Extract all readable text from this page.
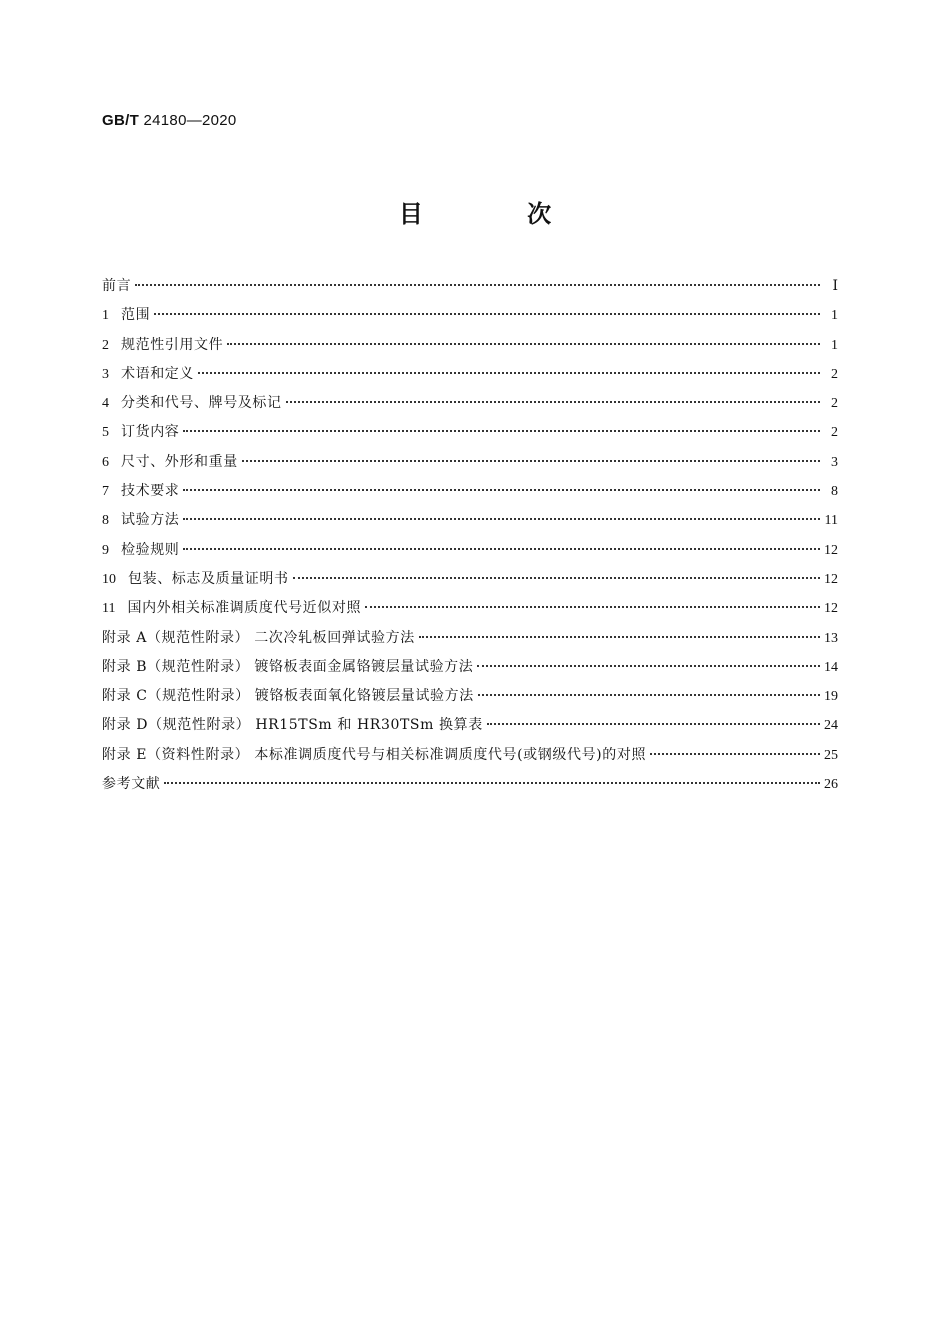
GB/T 24180—2020
目 次
前言	Ⅰ
1 范围	1
2 规范性引用文件	1
3 术语和定义	2
4 分类和代号、牌号及标记	2
5 订货内容	2
6 尺寸、外形和重量	3
7 技术要求	8
8 试验方法	11
9 检验规则	12
10 包装、标志及质量证明书	12
11 国内外相关标准调质度代号近似对照	12
附录 A（规范性附录） 二次冷轧板回弹试验方法	13
附录 B（规范性附录） 镀铬板表面金属铬镀层量试验方法	14
附录 C（规范性附录） 镀铬板表面氧化铬镀层量试验方法	19
附录 D（规范性附录） HR15TSm 和 HR30TSm 换算表	24
附录 E（资料性附录） 本标准调质度代号与相关标准调质度代号(或钢级代号)的对照	25
参考文献	26
